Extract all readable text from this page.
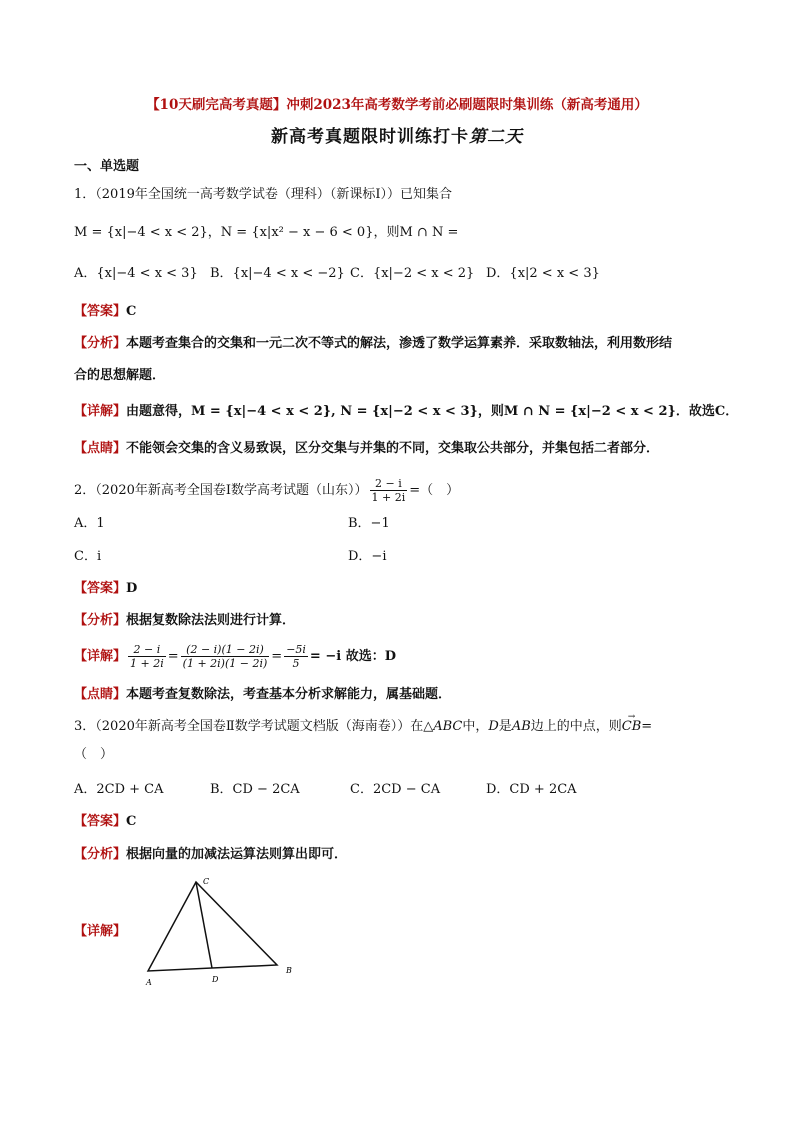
【10天刷完高考真题】冲刺2023年高考数学考前必刷题限时集训练（新高考通用）
新高考真题限时训练打卡第二天
一、单选题
1．（2019年全国统一高考数学试卷（理科）（新课标Ⅰ））已知集合
M = {x|−4 < x < 2}，N = {x|x² − x − 6 < 0}，则M ∩ N =
A．{x|−4 < x < 3} B．{x|−4 < x < −2} C．{x|−2 < x < 2} D．{x|2 < x < 3}
【答案】C
【分析】本题考查集合的交集和一元二次不等式的解法，渗透了数学运算素养．采取数轴法，利用数形结
合的思想解题．
【详解】由题意得，M = {x|−4 < x < 2}, N = {x|−2 < x < 3}，则M ∩ N = {x|−2 < x < 2}．故选C．
【点睛】不能领会交集的含义易致误，区分交集与并集的不同，交集取公共部分，并集包括二者部分．
2．（2020年新高考全国卷Ⅰ数学高考试题（山东）） $\frac{2 - i}{1 + 2i}$ =（　）
A．1	B．−1
C．i	D．−i
【答案】D
【分析】根据复数除法法则进行计算．
【详解】 $\frac{2 - i}{1 + 2i} = \frac{(2 - i)(1 - 2i)}{(1 + 2i)(1 - 2i)} = \frac{-5i}{5} = -i$ 故选：D
【点睛】本题考查复数除法，考查基本分析求解能力，属基础题．
3．（2020年新高考全国卷Ⅱ数学考试题文档版（海南卷））在△ABC中，D是AB边上的中点，则→ CB=
（　）
A．2CD + CA	B．CD − 2CA	C．2CD − CA	D．CD + 2CA
【答案】C
【分析】根据向量的加减法运算法则算出即可．
【详解】
C
A	D
B
